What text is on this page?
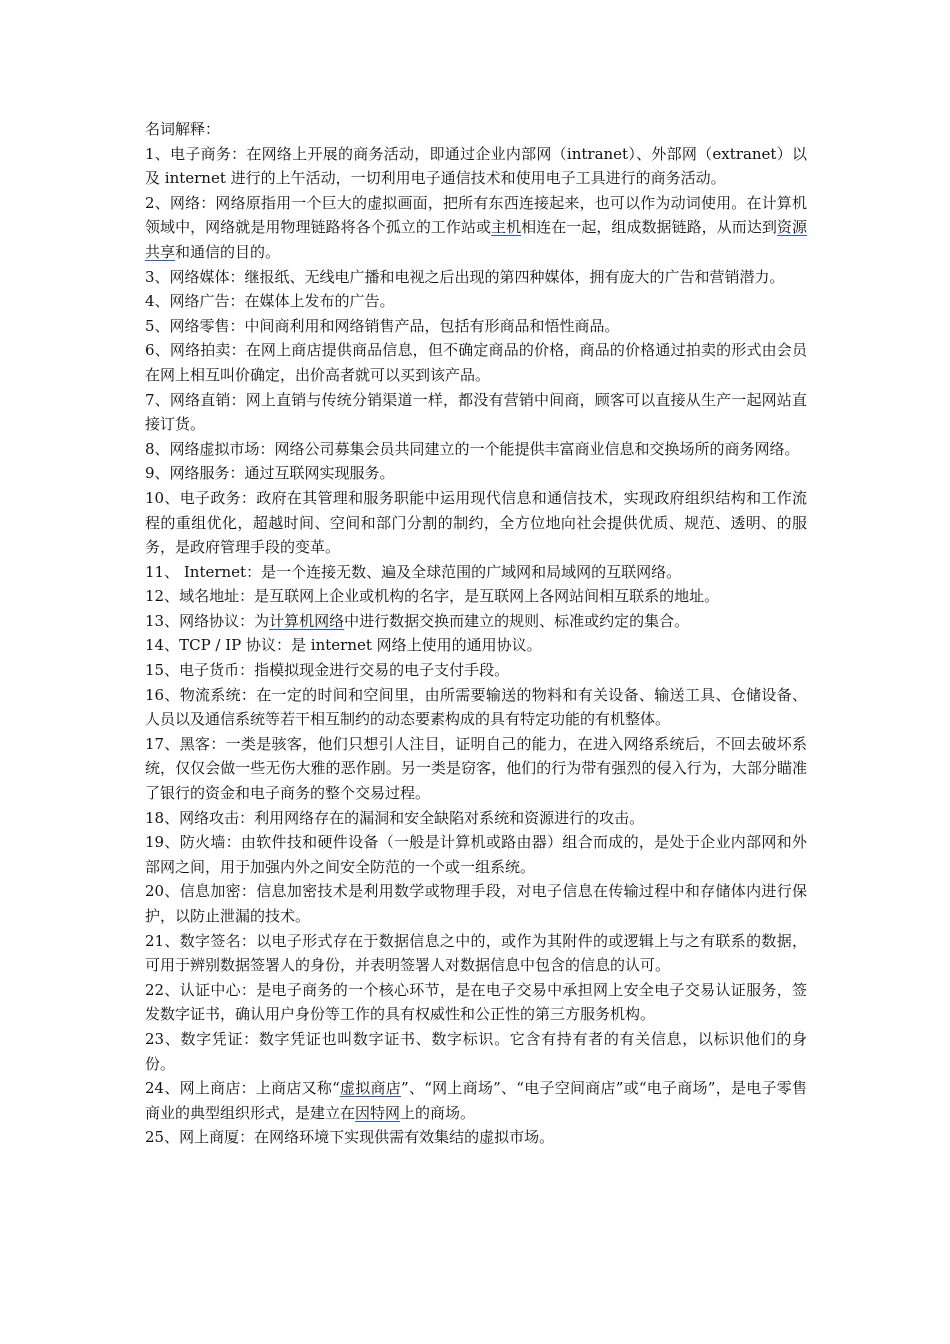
名词解释：

1、电子商务：在网络上开展的商务活动，即通过企业内部网（intranet）、外部网（extranet）以及 internet 进行的上午活动，一切利用电子通信技术和使用电子工具进行的商务活动。

2、网络：网络原指用一个巨大的虚拟画面，把所有东西连接起来，也可以作为动词使用。在计算机领域中，网络就是用物理链路将各个孤立的工作站或主机相连在一起，组成数据链路，从而达到资源共享和通信的目的。

3、网络媒体：继报纸、无线电广播和电视之后出现的第四种媒体，拥有庞大的广告和营销潜力。

4、网络广告：在媒体上发布的广告。

5、网络零售：中间商利用和网络销售产品，包括有形商品和悟性商品。

6、网络拍卖：在网上商店提供商品信息，但不确定商品的价格，商品的价格通过拍卖的形式由会员在网上相互叫价确定，出价高者就可以买到该产品。

7、网络直销：网上直销与传统分销渠道一样，都没有营销中间商，顾客可以直接从生产一起网站直接订货。

8、网络虚拟市场：网络公司募集会员共同建立的一个能提供丰富商业信息和交换场所的商务网络。

9、网络服务：通过互联网实现服务。

10、电子政务：政府在其管理和服务职能中运用现代信息和通信技术，实现政府组织结构和工作流程的重组优化，超越时间、空间和部门分割的制约，全方位地向社会提供优质、规范、透明、的服务，是政府管理手段的变革。

11、 Internet：是一个连接无数、遍及全球范围的广域网和局域网的互联网络。

12、域名地址：是互联网上企业或机构的名字，是互联网上各网站间相互联系的地址。

13、网络协议：为计算机网络中进行数据交换而建立的规则、标准或约定的集合。

14、TCP / IP 协议：是 internet 网络上使用的通用协议。

15、电子货币：指模拟现金进行交易的电子支付手段。

16、物流系统：在一定的时间和空间里，由所需要输送的物料和有关设备、输送工具、仓储设备、人员以及通信系统等若干相互制约的动态要素构成的具有特定功能的有机整体。

17、黑客：一类是骇客，他们只想引人注目，证明自己的能力，在进入网络系统后，不回去破坏系统，仅仅会做一些无伤大雅的恶作剧。另一类是窃客，他们的行为带有强烈的侵入行为，大部分瞄准了银行的资金和电子商务的整个交易过程。

18、网络攻击：利用网络存在的漏洞和安全缺陷对系统和资源进行的攻击。

19、防火墙：由软件技和硬件设备（一般是计算机或路由器）组合而成的，是处于企业内部网和外部网之间，用于加强内外之间安全防范的一个或一组系统。

20、信息加密：信息加密技术是利用数学或物理手段，对电子信息在传输过程中和存储体内进行保护，以防止泄漏的技术。

21、数字签名：以电子形式存在于数据信息之中的，或作为其附件的或逻辑上与之有联系的数据，可用于辨别数据签署人的身份，并表明签署人对数据信息中包含的信息的认可。

22、认证中心：是电子商务的一个核心环节，是在电子交易中承担网上安全电子交易认证服务，签发数字证书，确认用户身份等工作的具有权威性和公正性的第三方服务机构。

23、数字凭证：数字凭证也叫数字证书、数字标识。它含有持有者的有关信息，以标识他们的身份。

24、网上商店：上商店又称“虚拟商店”、“网上商场”、“电子空间商店”或“电子商场”，是电子零售商业的典型组织形式，是建立在因特网上的商场。

25、网上商厦：在网络环境下实现供需有效集结的虚拟市场。
